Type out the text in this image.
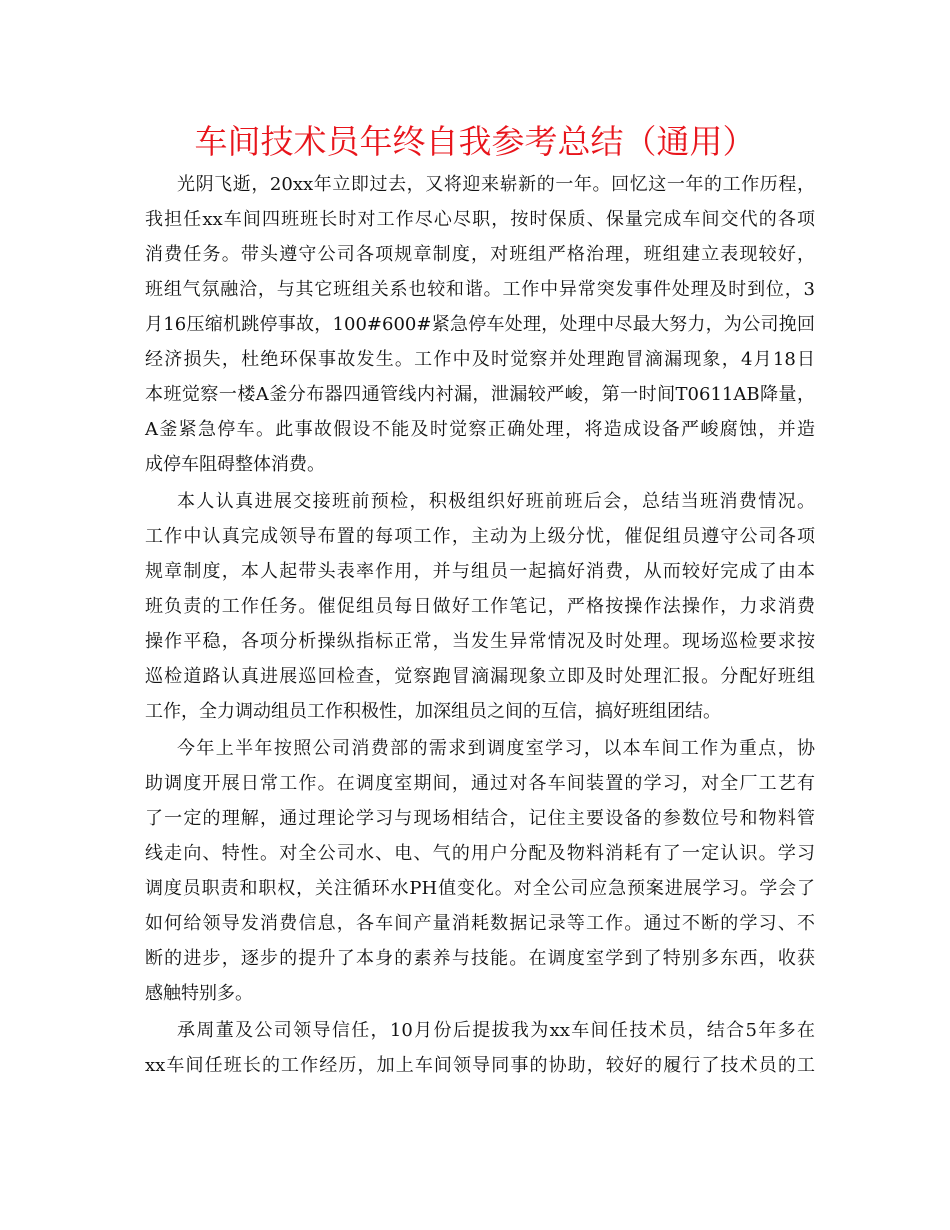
车间技术员年终自我参考总结（通用）
光阴飞逝，20xx年立即过去，又将迎来崭新的一年。回忆这一年的工作历程，
我担任xx车间四班班长时对工作尽心尽职，按时保质、保量完成车间交代的各项
消费任务。带头遵守公司各项规章制度，对班组严格治理，班组建立表现较好，
班组气氛融洽，与其它班组关系也较和谐。工作中异常突发事件处理及时到位，3
月16压缩机跳停事故，100#600#紧急停车处理，处理中尽最大努力，为公司挽回
经济损失，杜绝环保事故发生。工作中及时觉察并处理跑冒滴漏现象，4月18日
本班觉察一楼A釜分布器四通管线内衬漏，泄漏较严峻，第一时间T0611AB降量，
A釜紧急停车。此事故假设不能及时觉察正确处理，将造成设备严峻腐蚀，并造
成停车阻碍整体消费。
本人认真进展交接班前预检，积极组织好班前班后会，总结当班消费情况。
工作中认真完成领导布置的每项工作，主动为上级分忧，催促组员遵守公司各项
规章制度，本人起带头表率作用，并与组员一起搞好消费，从而较好完成了由本
班负责的工作任务。催促组员每日做好工作笔记，严格按操作法操作，力求消费
操作平稳，各项分析操纵指标正常，当发生异常情况及时处理。现场巡检要求按
巡检道路认真进展巡回检查，觉察跑冒滴漏现象立即及时处理汇报。分配好班组
工作，全力调动组员工作积极性，加深组员之间的互信，搞好班组团结。
今年上半年按照公司消费部的需求到调度室学习，以本车间工作为重点，协
助调度开展日常工作。在调度室期间，通过对各车间装置的学习，对全厂工艺有
了一定的理解，通过理论学习与现场相结合，记住主要设备的参数位号和物料管
线走向、特性。对全公司水、电、气的用户分配及物料消耗有了一定认识。学习
调度员职责和职权，关注循环水PH值变化。对全公司应急预案进展学习。学会了
如何给领导发消费信息，各车间产量消耗数据记录等工作。通过不断的学习、不
断的进步，逐步的提升了本身的素养与技能。在调度室学到了特别多东西，收获
感触特别多。
承周董及公司领导信任，10月份后提拔我为xx车间任技术员，结合5年多在
xx车间任班长的工作经历，加上车间领导同事的协助，较好的履行了技术员的工
